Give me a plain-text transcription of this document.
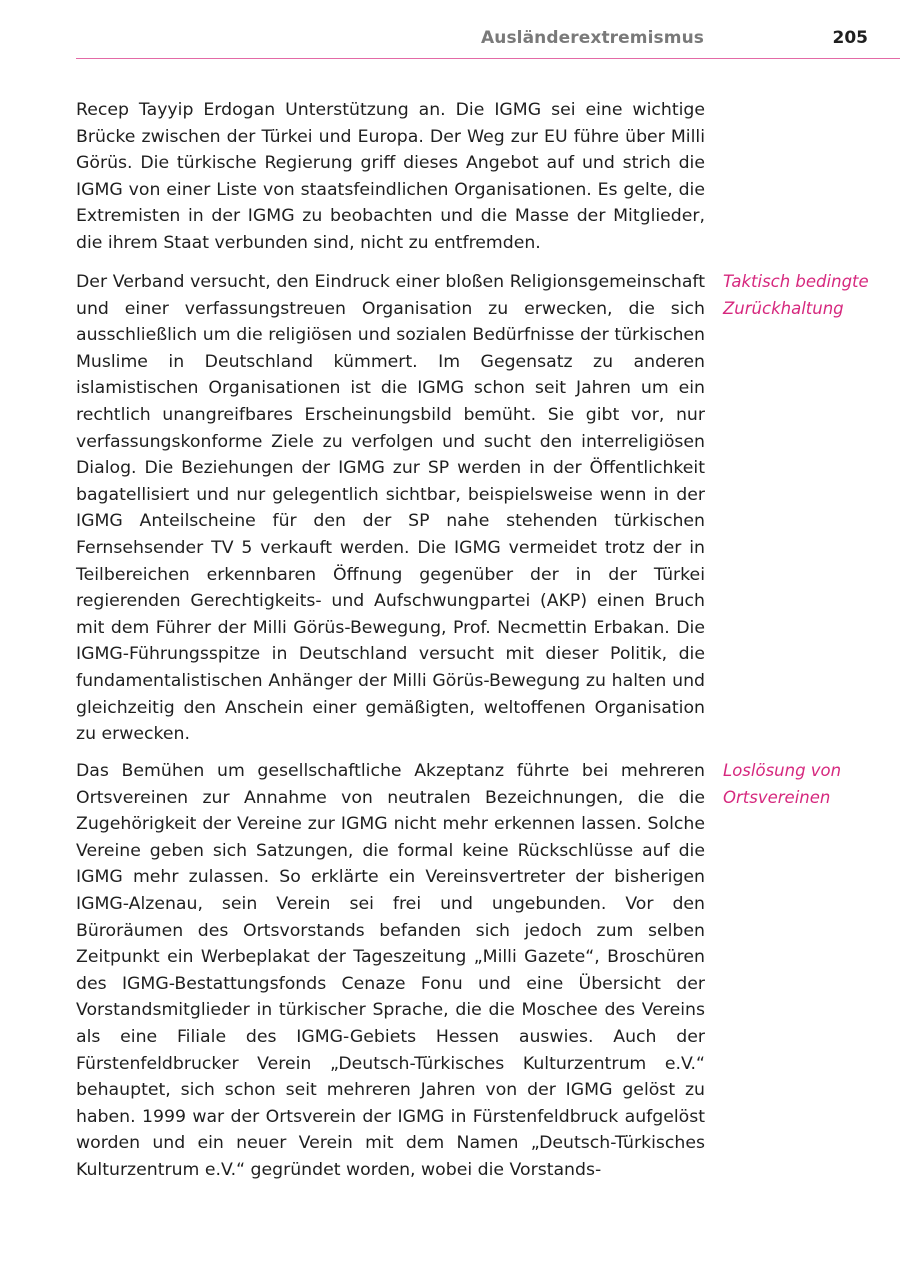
Ausländerextremismus	205

Recep Tayyip Erdogan Unterstützung an. Die IGMG sei eine wichtige Brücke zwischen der Türkei und Europa. Der Weg zur EU führe über Milli Görüs. Die türkische Regierung griff dieses Angebot auf und strich die IGMG von einer Liste von staatsfeindlichen Organisationen. Es gelte, die Extremisten in der IGMG zu beobachten und die Masse der Mitglieder, die ihrem Staat verbunden sind, nicht zu entfremden.

Der Verband versucht, den Eindruck einer bloßen Religionsgemeinschaft und einer verfassungstreuen Organisation zu erwecken, die sich ausschließlich um die religiösen und sozialen Bedürfnisse der türkischen Muslime in Deutschland kümmert. Im Gegensatz zu anderen islamistischen Organisationen ist die IGMG schon seit Jahren um ein rechtlich unangreifbares Erscheinungsbild bemüht. Sie gibt vor, nur verfassungskonforme Ziele zu verfolgen und sucht den interreligiösen Dialog. Die Beziehungen der IGMG zur SP werden in der Öffentlichkeit bagatellisiert und nur gelegentlich sichtbar, beispielsweise wenn in der IGMG Anteilscheine für den der SP nahe stehenden türkischen Fernsehsender TV 5 verkauft werden. Die IGMG vermeidet trotz der in Teilbereichen erkennbaren Öffnung gegenüber der in der Türkei regierenden Gerechtigkeits- und Aufschwungpartei (AKP) einen Bruch mit dem Führer der Milli Görüs-Bewegung, Prof. Necmettin Erbakan. Die IGMG-Führungsspitze in Deutschland versucht mit dieser Politik, die fundamentalistischen Anhänger der Milli Görüs-Bewegung zu halten und gleichzeitig den Anschein einer gemäßigten, weltoffenen Organisation zu erwecken.

Taktisch bedingte Zurückhaltung

Das Bemühen um gesellschaftliche Akzeptanz führte bei mehreren Ortsvereinen zur Annahme von neutralen Bezeichnungen, die die Zugehörigkeit der Vereine zur IGMG nicht mehr erkennen lassen. Solche Vereine geben sich Satzungen, die formal keine Rückschlüsse auf die IGMG mehr zulassen. So erklärte ein Vereinsvertreter der bisherigen IGMG-Alzenau, sein Verein sei frei und ungebunden. Vor den Büroräumen des Ortsvorstands befanden sich jedoch zum selben Zeitpunkt ein Werbeplakat der Tageszeitung „Milli Gazete“, Broschüren des IGMG-Bestattungsfonds Cenaze Fonu und eine Übersicht der Vorstandsmitglieder in türkischer Sprache, die die Moschee des Vereins als eine Filiale des IGMG-Gebiets Hessen auswies. Auch der Fürstenfeldbrucker Verein „Deutsch-Türkisches Kulturzentrum e.V.“ behauptet, sich schon seit mehreren Jahren von der IGMG gelöst zu haben. 1999 war der Ortsverein der IGMG in Fürstenfeldbruck aufgelöst worden und ein neuer Verein mit dem Namen „Deutsch-Türkisches Kulturzentrum e.V.“ gegründet worden, wobei die Vorstands-

Loslösung von Ortsvereinen
